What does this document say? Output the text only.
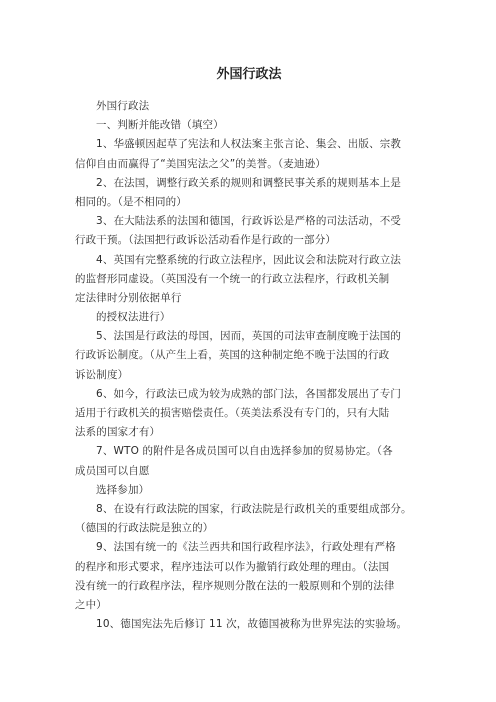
外国行政法
外国行政法
一、判断并能改错（填空）
1、华盛顿因起草了宪法和人权法案主张言论、集会、出版、宗教
信仰自由而赢得了“美国宪法之父”的美誉。（麦迪逊）
2、在法国，调整行政关系的规则和调整民事关系的规则基本上是
相同的。（是不相同的）
3、在大陆法系的法国和德国，行政诉讼是严格的司法活动，不受
行政干预。（法国把行政诉讼活动看作是行政的一部分）
4、英国有完整系统的行政立法程序，因此议会和法院对行政立法
的监督形同虚设。（英国没有一个统一的行政立法程序，行政机关制
定法律时分别依据单行
的授权法进行）
5、法国是行政法的母国，因而，英国的司法审查制度晚于法国的
行政诉讼制度。（从产生上看，英国的这种制定绝不晚于法国的行政
诉讼制度）
6、如今，行政法已成为较为成熟的部门法，各国都发展出了专门
适用于行政机关的损害赔偿责任。（英美法系没有专门的，只有大陆
法系的国家才有）
7、WTO 的附件是各成员国可以自由选择参加的贸易协定。（各
成员国可以自愿
选择参加）
8、在设有行政法院的国家，行政法院是行政机关的重要组成部分。
（德国的行政法院是独立的）
9、法国有统一的《法兰西共和国行政程序法》，行政处理有严格
的程序和形式要求，程序违法可以作为撤销行政处理的理由。（法国
没有统一的行政程序法，程序规则分散在法的一般原则和个别的法律
之中）
10、德国宪法先后修订 11 次，故德国被称为世界宪法的实验场。
